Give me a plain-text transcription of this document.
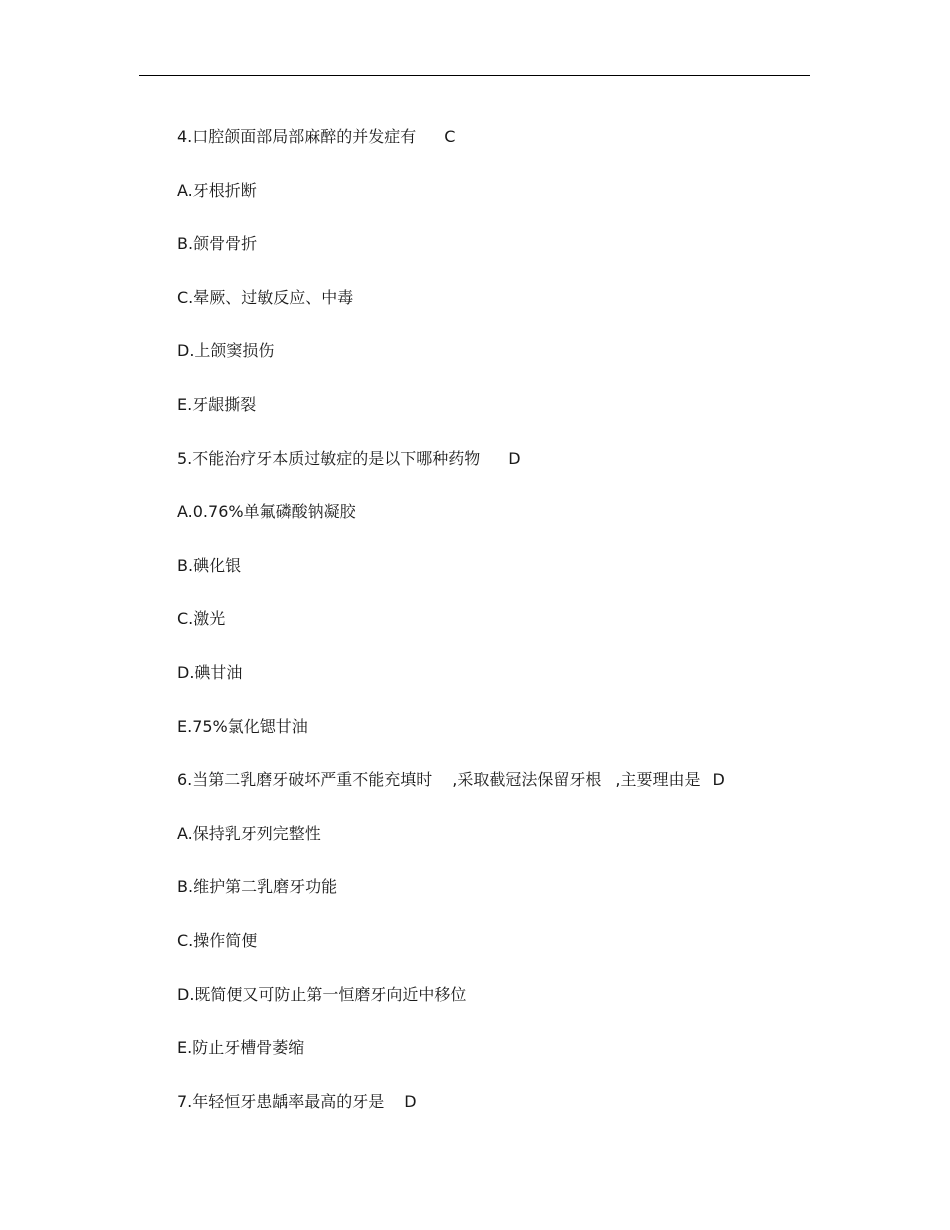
4.口腔颌面部局部麻醉的并发症有 C
A.牙根折断
B.颌骨骨折
C.晕厥、过敏反应、中毒
D.上颌窦损伤
E.牙龈撕裂
5.不能治疗牙本质过敏症的是以下哪种药物 D
A.0.76%单氟磷酸钠凝胶
B.碘化银
C.激光
D.碘甘油
E.75%氯化锶甘油
6.当第二乳磨牙破坏严重不能充填时 ,采取截冠法保留牙根 ,主要理由是 D
A.保持乳牙列完整性
B.维护第二乳磨牙功能
C.操作简便
D.既简便又可防止第一恒磨牙向近中移位
E.防止牙槽骨萎缩
7.年轻恒牙患龋率最高的牙是 D
